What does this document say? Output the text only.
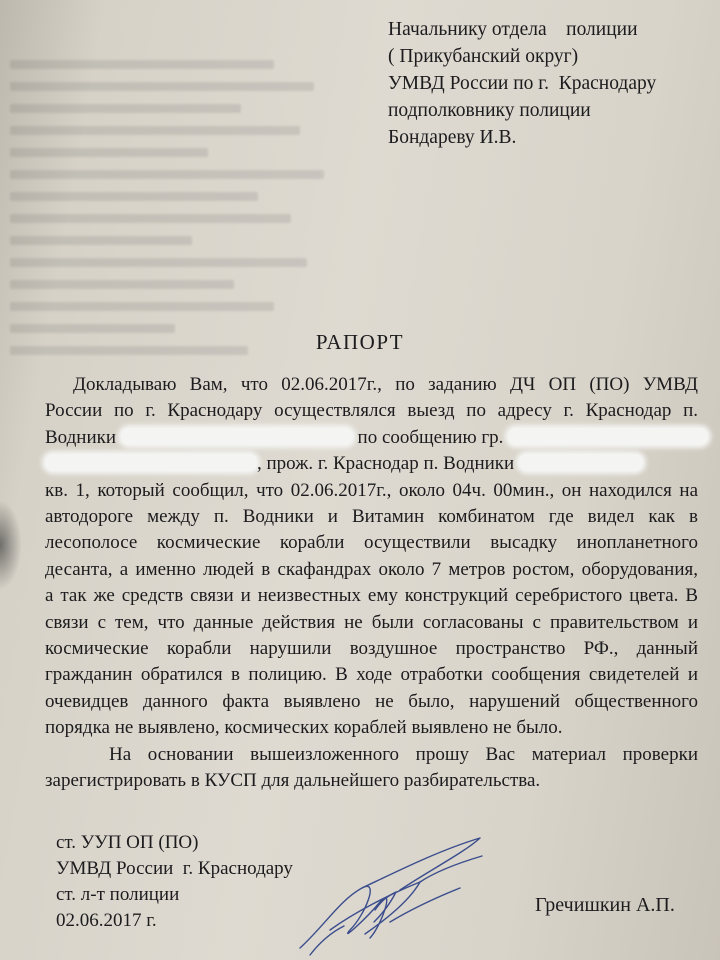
Начальнику отдела    полиции
( Прикубанский округ)
УМВД России по г.  Краснодару
подполковнику полиции
Бондареву И.В.
РАПОРТ
Докладываю Вам, что 02.06.2017г., по заданию ДЧ ОП (ПО) УМВД
России по г. Краснодару осуществлялся выезд по адресу г. Краснодар п.
Водники	по сообщению гр.
, прож. г. Краснодар п. Водники
кв. 1, который сообщил, что 02.06.2017г., около 04ч. 00мин., он находился на
автодороге между п. Водники и Витамин комбинатом где видел как в
лесополосе космические корабли осуществили высадку инопланетного
десанта, а именно людей в скафандрах около 7 метров ростом, оборудования,
а так же средств связи и неизвестных ему конструкций серебристого цвета. В
связи с тем, что данные действия не были согласованы с правительством и
космические корабли нарушили воздушное пространство РФ., данный
гражданин обратился в полицию. В ходе отработки сообщения свидетелей и
очевидцев данного факта выявлено не было, нарушений общественного
порядка не выявлено, космических кораблей выявлено не было.
На основании вышеизложенного прошу Вас материал проверки
зарегистрировать в КУСП для дальнейшего разбирательства.
ст. УУП ОП (ПО)
УМВД России  г. Краснодару
ст. л-т полиции
02.06.2017 г.
Гречишкин А.П.
